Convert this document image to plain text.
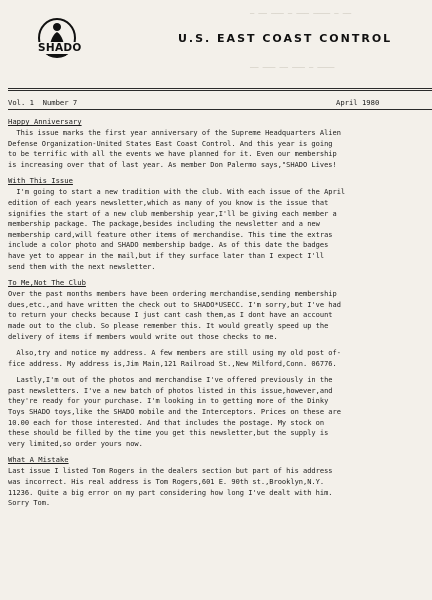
SHADO
U.S. EAST COAST CONTROL
─ ── ─── ─ ─── ──── ─ ──
── ─── ── ─── ─ ────
Vol. 1  Number 7	April 1980
Happy Anniversary
This issue marks the first year anniversary of the Supreme Headquarters Alien
Defense Organization-United States East Coast Control. And this year is going
to be terrific with all the events we have planned for it. Even our membership
is increasing over that of last year. As member Don Palermo says,"SHADO Lives!
With This Issue
I'm going to start a new tradition with the club. With each issue of the April
edition of each years newsletter,which as many of you know is the issue that
signifies the start of a new club membership year,I'll be giving each member a
membership package. The package,besides including the newsletter and a new
membership card,will feature other items of merchandise. This time the extras
include a color photo and SHADO membership badge. As of this date the badges
have yet to appear in the mail,but if they surface later than I expect I'll
send them with the next newsletter.
To Me,Not The Club
Over the past months members have been ordering merchandise,sending membership
dues,etc.,and have written the check out to SHADO*USECC. I'm sorry,but I've had
to return your checks because I just cant cash them,as I dont have an account
made out to the club. So please remember this. It would greatly speed up the
delivery of items if members would write out those checks to me.
Also,try and notice my address. A few members are still using my old post of-
fice address. My address is,Jim Main,121 Railroad St.,New Milford,Conn. 06776.
Lastly,I'm out of the photos and merchandise I've offered previously in the
past newsletters. I've a new batch of photos listed in this issue,however,and
they're ready for your purchase. I'm looking in to getting more of the Dinky
Toys SHADO toys,like the SHADO mobile and the Interceptors. Prices on these are
10.00 each for those interested. And that includes the postage. My stock on
these should be filled by the time you get this newsletter,but the supply is
very limited,so order yours now.
What A Mistake
Last issue I listed Tom Rogers in the dealers section but part of his address
was incorrect. His real address is Tom Rogers,601 E. 90th st.,Brooklyn,N.Y.
11236. Quite a big error on my part considering how long I've dealt with him.
Sorry Tom.
